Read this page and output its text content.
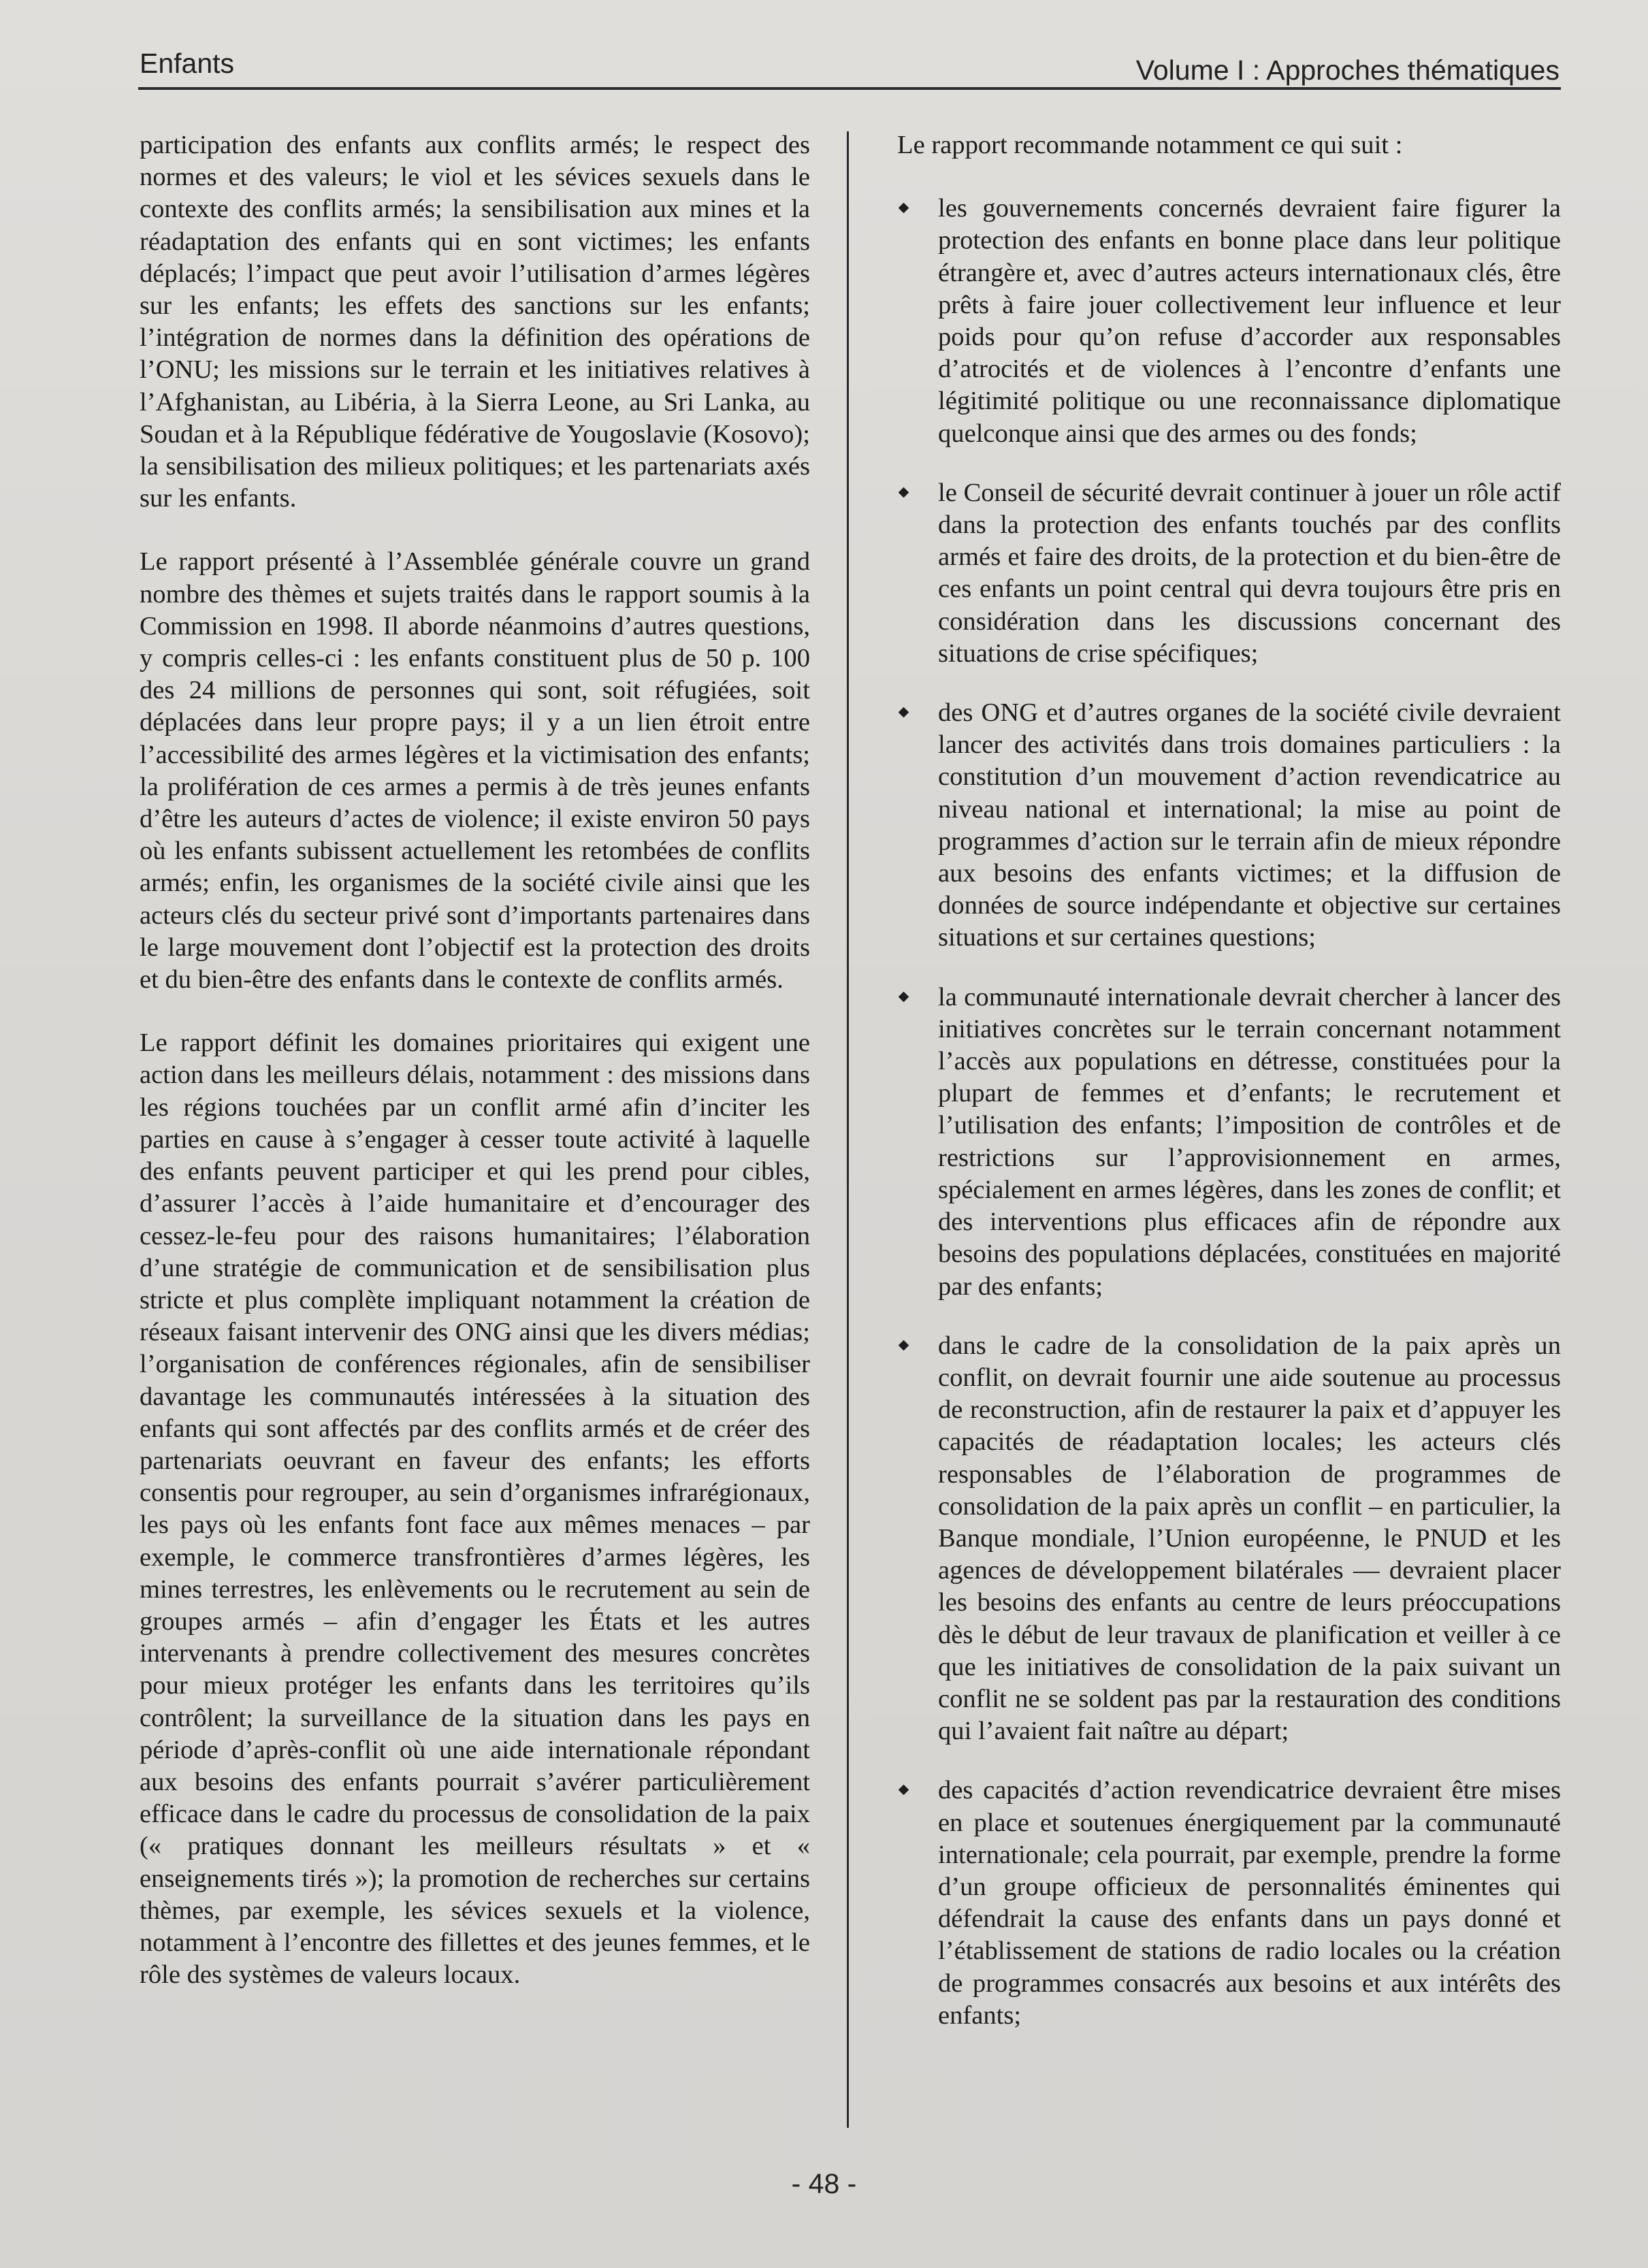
Enfants	Volume I : Approches thématiques

participation des enfants aux conflits armés; le respect des normes et des valeurs; le viol et les sévices sexuels dans le contexte des conflits armés; la sensibilisation aux mines et la réadaptation des enfants qui en sont victimes; les enfants déplacés; l’impact que peut avoir l’utilisation d’armes légères sur les enfants; les effets des sanctions sur les enfants; l’intégration de normes dans la définition des opérations de l’ONU; les missions sur le terrain et les initiatives relatives à l’Afghanistan, au Libéria, à la Sierra Leone, au Sri Lanka, au Soudan et à la République fédérative de Yougoslavie (Kosovo); la sensibilisation des milieux politiques; et les partenariats axés sur les enfants.

Le rapport présenté à l’Assemblée générale couvre un grand nombre des thèmes et sujets traités dans le rapport soumis à la Commission en 1998. Il aborde néanmoins d’autres questions, y compris celles-ci : les enfants constituent plus de 50 p. 100 des 24 millions de personnes qui sont, soit réfugiées, soit déplacées dans leur propre pays; il y a un lien étroit entre l’accessibilité des armes légères et la victimisation des enfants; la prolifération de ces armes a permis à de très jeunes enfants d’être les auteurs d’actes de violence; il existe environ 50 pays où les enfants subissent actuellement les retombées de conflits armés; enfin, les organismes de la société civile ainsi que les acteurs clés du secteur privé sont d’importants partenaires dans le large mouvement dont l’objectif est la protection des droits et du bien-être des enfants dans le contexte de conflits armés.

Le rapport définit les domaines prioritaires qui exigent une action dans les meilleurs délais, notamment : des missions dans les régions touchées par un conflit armé afin d’inciter les parties en cause à s’engager à cesser toute activité à laquelle des enfants peuvent participer et qui les prend pour cibles, d’assurer l’accès à l’aide humanitaire et d’encourager des cessez-le-feu pour des raisons humanitaires; l’élaboration d’une stratégie de communication et de sensibilisation plus stricte et plus complète impliquant notamment la création de réseaux faisant intervenir des ONG ainsi que les divers médias; l’organisation de conférences régionales, afin de sensibiliser davantage les communautés intéressées à la situation des enfants qui sont affectés par des conflits armés et de créer des partenariats oeuvrant en faveur des enfants; les efforts consentis pour regrouper, au sein d’organismes infrarégionaux, les pays où les enfants font face aux mêmes menaces – par exemple, le commerce transfrontières d’armes légères, les mines terrestres, les enlèvements ou le recrutement au sein de groupes armés – afin d’engager les États et les autres intervenants à prendre collectivement des mesures concrètes pour mieux protéger les enfants dans les territoires qu’ils contrôlent; la surveillance de la situation dans les pays en période d’après-conflit où une aide internationale répondant aux besoins des enfants pourrait s’avérer particulièrement efficace dans le cadre du processus de consolidation de la paix (« pratiques donnant les meilleurs résultats » et « enseignements tirés »); la promotion de recherches sur certains thèmes, par exemple, les sévices sexuels et la violence, notamment à l’encontre des fillettes et des jeunes femmes, et le rôle des systèmes de valeurs locaux.

Le rapport recommande notamment ce qui suit :

les gouvernements concernés devraient faire figurer la protection des enfants en bonne place dans leur politique étrangère et, avec d’autres acteurs internationaux clés, être prêts à faire jouer collectivement leur influence et leur poids pour qu’on refuse d’accorder aux responsables d’atrocités et de violences à l’encontre d’enfants une légitimité politique ou une reconnaissance diplomatique quelconque ainsi que des armes ou des fonds;
le Conseil de sécurité devrait continuer à jouer un rôle actif dans la protection des enfants touchés par des conflits armés et faire des droits, de la protection et du bien-être de ces enfants un point central qui devra toujours être pris en considération dans les discussions concernant des situations de crise spécifiques;
des ONG et d’autres organes de la société civile devraient lancer des activités dans trois domaines particuliers : la constitution d’un mouvement d’action revendicatrice au niveau national et international; la mise au point de programmes d’action sur le terrain afin de mieux répondre aux besoins des enfants victimes; et la diffusion de données de source indépendante et objective sur certaines situations et sur certaines questions;
la communauté internationale devrait chercher à lancer des initiatives concrètes sur le terrain concernant notamment l’accès aux populations en détresse, constituées pour la plupart de femmes et d’enfants; le recrutement et l’utilisation des enfants; l’imposition de contrôles et de restrictions sur l’approvisionnement en armes, spécialement en armes légères, dans les zones de conflit; et des interventions plus efficaces afin de répondre aux besoins des populations déplacées, constituées en majorité par des enfants;
dans le cadre de la consolidation de la paix après un conflit, on devrait fournir une aide soutenue au processus de reconstruction, afin de restaurer la paix et d’appuyer les capacités de réadaptation locales; les acteurs clés responsables de l’élaboration de programmes de consolidation de la paix après un conflit – en particulier, la Banque mondiale, l’Union européenne, le PNUD et les agences de développement bilatérales — devraient placer les besoins des enfants au centre de leurs préoccupations dès le début de leur travaux de planification et veiller à ce que les initiatives de consolidation de la paix suivant un conflit ne se soldent pas par la restauration des conditions qui l’avaient fait naître au départ;
des capacités d’action revendicatrice devraient être mises en place et soutenues énergiquement par la communauté internationale; cela pourrait, par exemple, prendre la forme d’un groupe officieux de personnalités éminentes qui défendrait la cause des enfants dans un pays donné et l’établissement de stations de radio locales ou la création de programmes consacrés aux besoins et aux intérêts des enfants;
- 48 -
